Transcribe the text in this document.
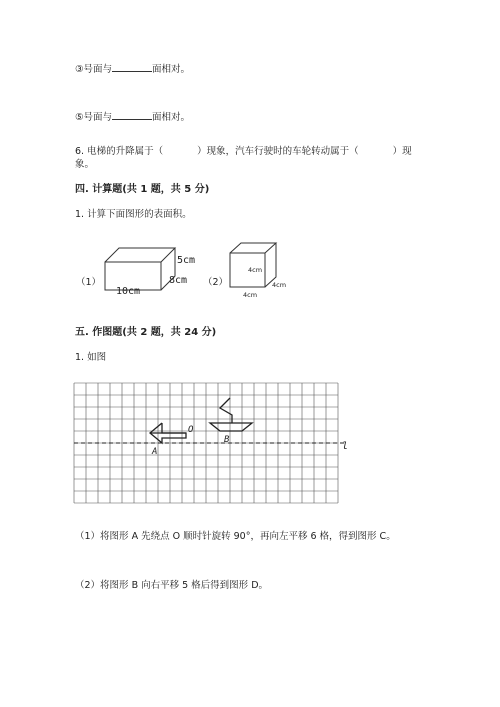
③号面与	面相对。
⑤号面与	面相对。
6. 电梯的升降属于（	）现象，汽车行驶时的车轮转动属于（	）现
象。
四. 计算题(共 1 题，共 5 分)
1. 计算下面图形的表面积。
（1）
5cm
8cm
10cm
（2）
4cm
4cm
4cm
五. 作图题(共 2 题，共 24 分)
1. 如图
O
A
B
l
（1）将图形 A 先绕点 O 顺时针旋转 90°，再向左平移 6 格，得到图形 C。
（2）将图形 B 向右平移 5 格后得到图形 D。
